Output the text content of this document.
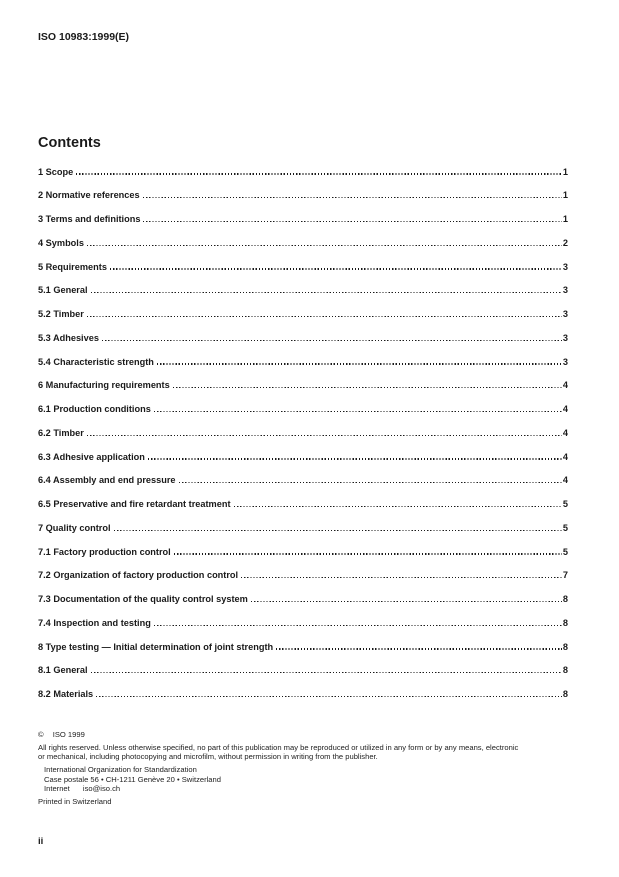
ISO 10983:1999(E)
Contents
1 Scope	1
2 Normative references	1
3 Terms and definitions	1
4 Symbols	2
5 Requirements	3
5.1 General	3
5.2 Timber	3
5.3 Adhesives	3
5.4 Characteristic strength	3
6 Manufacturing requirements	4
6.1 Production conditions	4
6.2 Timber	4
6.3 Adhesive application	4
6.4 Assembly and end pressure	4
6.5 Preservative and fire retardant treatment	5
7 Quality control	5
7.1 Factory production control	5
7.2 Organization of factory production control	7
7.3 Documentation of the quality control system	8
7.4 Inspection and testing	8
8 Type testing — Initial determination of joint strength	8
8.1 General	8
8.2 Materials	8
© ISO 1999
All rights reserved. Unless otherwise specified, no part of this publication may be reproduced or utilized in any form or by any means, electronic
or mechanical, including photocopying and microfilm, without permission in writing from the publisher.
International Organization for Standardization
Case postale 56 • CH-1211 Genève 20 • Switzerland
Internet iso@iso.ch
Printed in Switzerland
ii
